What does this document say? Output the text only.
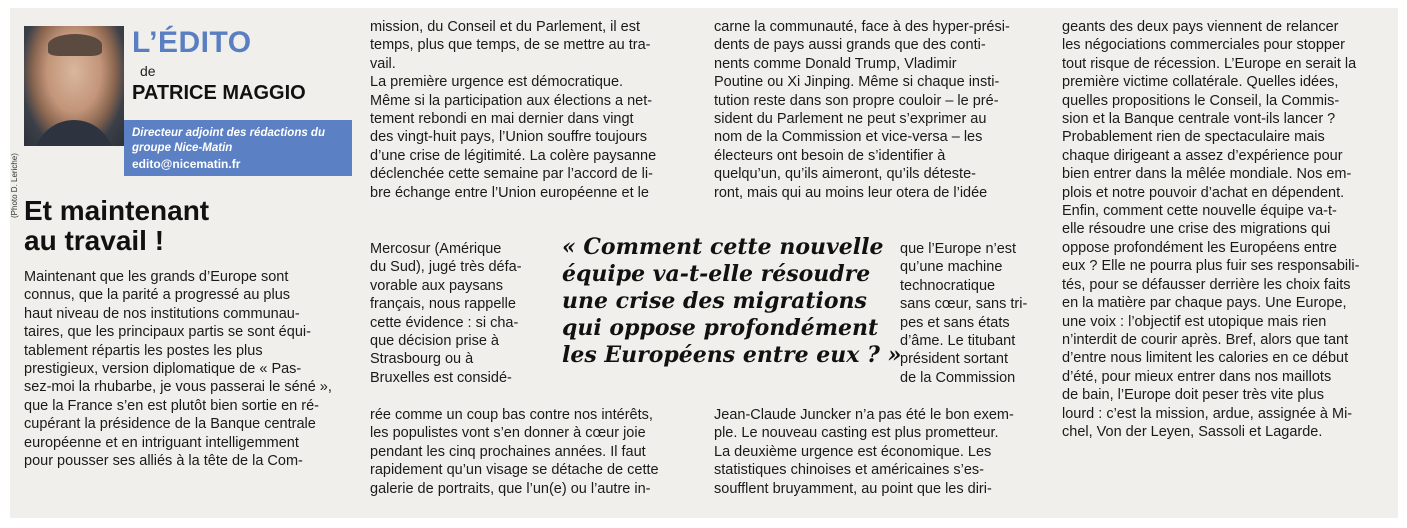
(Photo D. Leriche)
L’ÉDITO
de
PATRICE MAGGIO
Directeur adjoint des rédactions du
groupe Nice-Matin
edito@nicematin.fr
Et maintenant
au travail !

Maintenant que les grands d’Europe sont

connus, que la parité a progressé au plus

haut niveau de nos institutions communau-

taires, que les principaux partis se sont équi-

tablement répartis les postes les plus

prestigieux, version diplomatique de « Pas-

sez-moi la rhubarbe, je vous passerai le séné »,

que la France s’en est plutôt bien sortie en ré-

cupérant la présidence de la Banque centrale

européenne et en intriguant intelligemment

pour pousser ses alliés à la tête de la Com-

mission, du Conseil et du Parlement, il est

temps, plus que temps, de se mettre au tra-

vail.

La première urgence est démocratique.

Même si la participation aux élections a net-

tement rebondi en mai dernier dans vingt

des vingt-huit pays, l’Union souffre toujours

d’une crise de légitimité. La colère paysanne

déclenchée cette semaine par l’accord de li-

bre échange entre l’Union européenne et le

Mercosur (Amérique

du Sud), jugé très défa-

vorable aux paysans

français, nous rappelle

cette évidence : si cha-

que décision prise à

Strasbourg ou à

Bruxelles est considé-

rée comme un coup bas contre nos intérêts,

les populistes vont s’en donner à cœur joie

pendant les cinq prochaines années. Il faut

rapidement qu’un visage se détache de cette

galerie de portraits, que l’un(e) ou l’autre in-

« Comment cette nouvelle

équipe va-t-elle résoudre

une crise des migrations

qui oppose profondément

les Européens entre eux ? »

carne la communauté, face à des hyper-prési-

dents de pays aussi grands que des conti-

nents comme Donald Trump, Vladimir

Poutine ou Xi Jinping. Même si chaque insti-

tution reste dans son propre couloir – le pré-

sident du Parlement ne peut s’exprimer au

nom de la Commission et vice-versa – les

électeurs ont besoin de s’identifier à

quelqu’un, qu’ils aimeront, qu’ils déteste-

ront, mais qui au moins leur otera de l’idée

que l’Europe n’est

qu’une machine

technocratique

sans cœur, sans tri-

pes et sans états

d’âme. Le titubant

président sortant

de la Commission

Jean-Claude Juncker n’a pas été le bon exem-

ple. Le nouveau casting est plus prometteur.

La deuxième urgence est économique. Les

statistiques chinoises et américaines s’es-

soufflent bruyamment, au point que les diri-

geants des deux pays viennent de relancer

les négociations commerciales pour stopper

tout risque de récession. L’Europe en serait la

première victime collatérale. Quelles idées,

quelles propositions le Conseil, la Commis-

sion et la Banque centrale vont-ils lancer ?

Probablement rien de spectaculaire mais

chaque dirigeant a assez d’expérience pour

bien entrer dans la mêlée mondiale. Nos em-

plois et notre pouvoir d’achat en dépendent.

Enfin, comment cette nouvelle équipe va-t-

elle résoudre une crise des migrations qui

oppose profondément les Européens entre

eux ? Elle ne pourra plus fuir ses responsabili-

tés, pour se défausser derrière les choix faits

en la matière par chaque pays. Une Europe,

une voix : l’objectif est utopique mais rien

n’interdit de courir après. Bref, alors que tant

d’entre nous limitent les calories en ce début

d’été, pour mieux entrer dans nos maillots

de bain, l’Europe doit peser très vite plus

lourd : c’est la mission, ardue, assignée à Mi-

chel, Von der Leyen, Sassoli et Lagarde.
